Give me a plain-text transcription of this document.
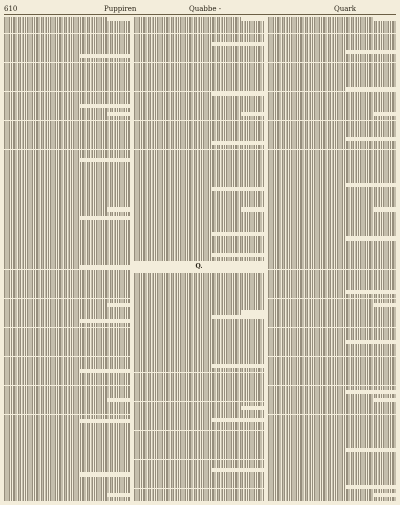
610	Puppiren	Quabbe -	Quark
Q.
